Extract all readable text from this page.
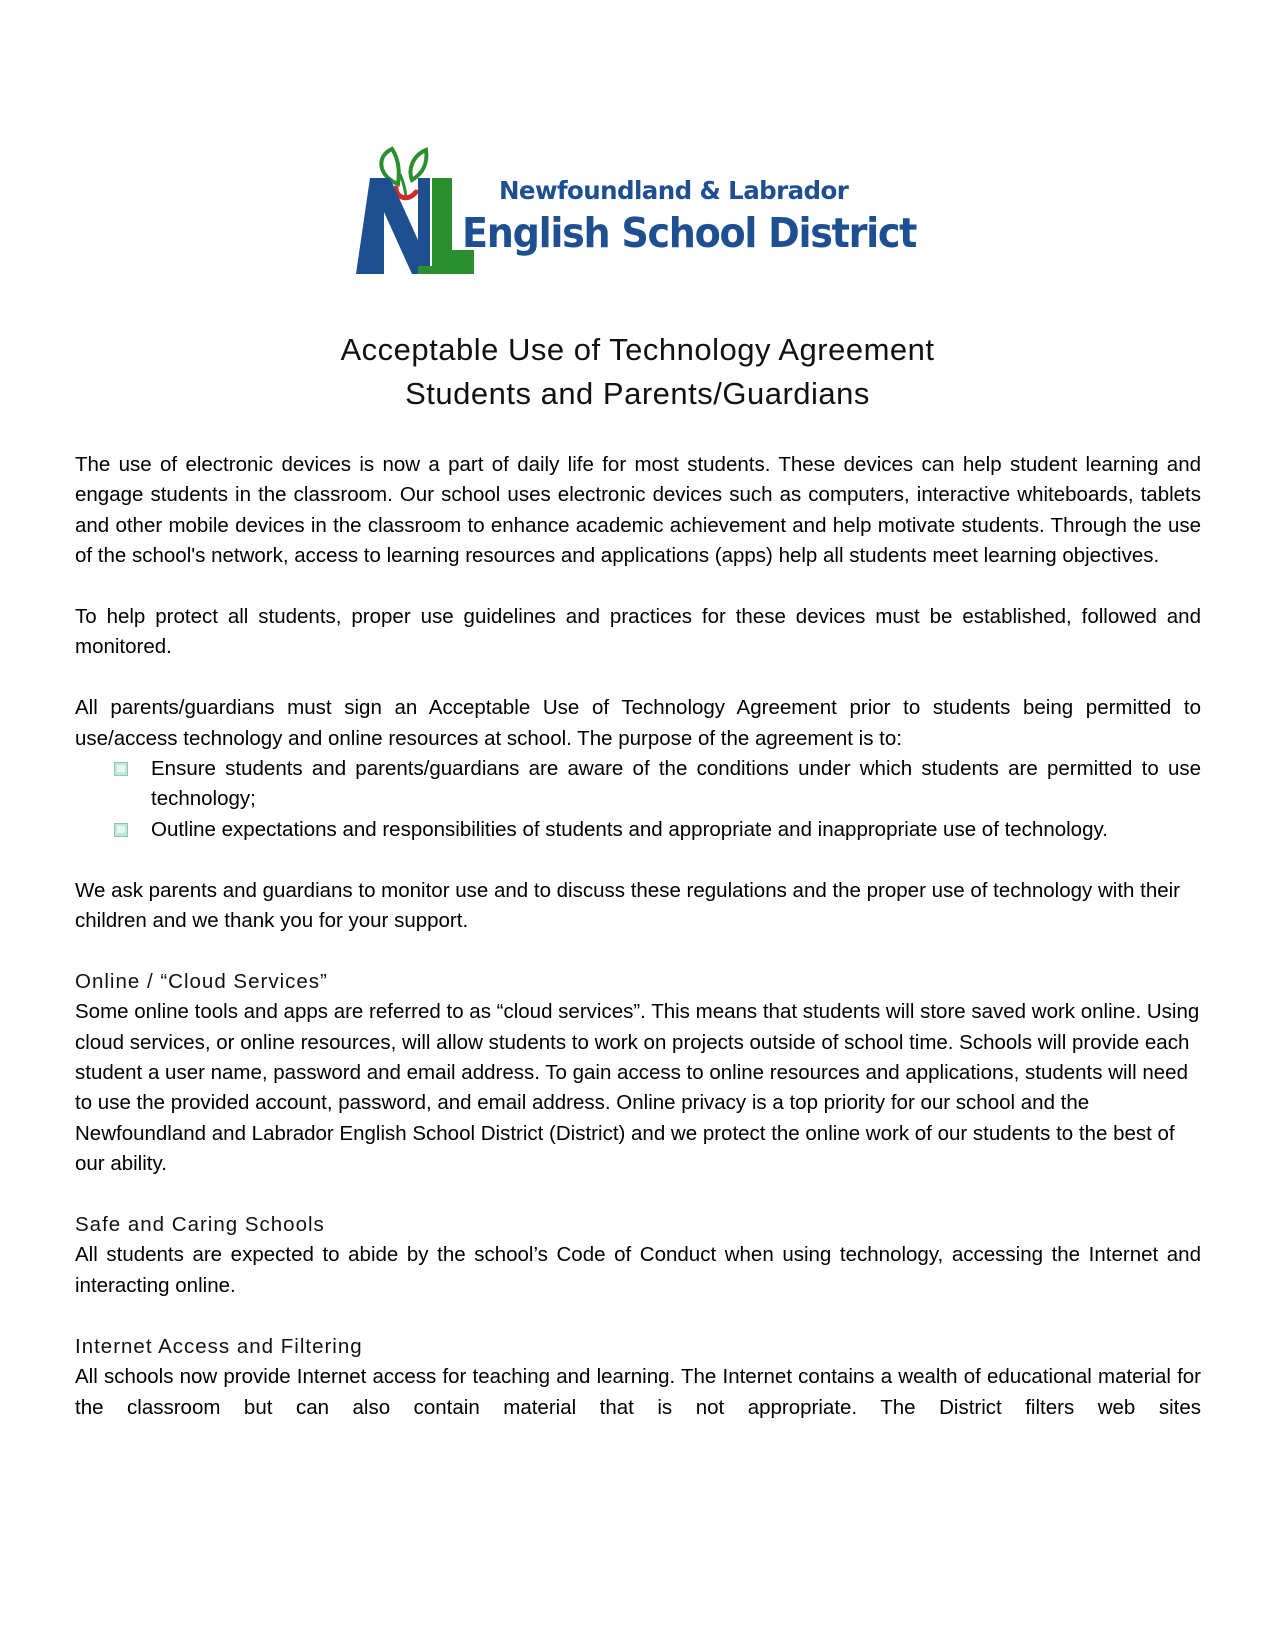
Newfoundland & Labrador
English School District
Acceptable Use of Technology Agreement
Students and Parents/Guardians

The use of electronic devices is now a part of daily life for most students. These devices can help student learning and engage students in the classroom. Our school uses electronic devices such as computers, interactive whiteboards, tablets and other mobile devices in the classroom to enhance academic achievement and help motivate students. Through the use of the school's network, access to learning resources and applications (apps) help all students meet learning objectives.

To help protect all students, proper use guidelines and practices for these devices must be established, followed and monitored.

All parents/guardians must sign an Acceptable Use of Technology Agreement prior to students being permitted to use/access technology and online resources at school. The purpose of the agreement is to:

Ensure students and parents/guardians are aware of the conditions under which students are permitted to use technology;
Outline expectations and responsibilities of students and appropriate and inappropriate use of technology.

We ask parents and guardians to monitor use and to discuss these regulations and the proper use of technology with their children and we thank you for your support.

Online / “Cloud Services”
Some online tools and apps are referred to as “cloud services”. This means that students will store saved work online. Using cloud services, or online resources, will allow students to work on projects outside of school time. Schools will provide each student a user name, password and email address. To gain access to online resources and applications, students will need to use the provided account, password, and email address. Online privacy is a top priority for our school and the Newfoundland and Labrador English School District (District) and we protect the online work of our students to the best of our ability.
Safe and Caring Schools
All students are expected to abide by the school’s Code of Conduct when using technology, accessing the Internet and interacting online.
Internet Access and Filtering
All schools now provide Internet access for teaching and learning. The Internet contains a wealth of educational material for the classroom but can also contain material that is not appropriate. The District filters web sites
